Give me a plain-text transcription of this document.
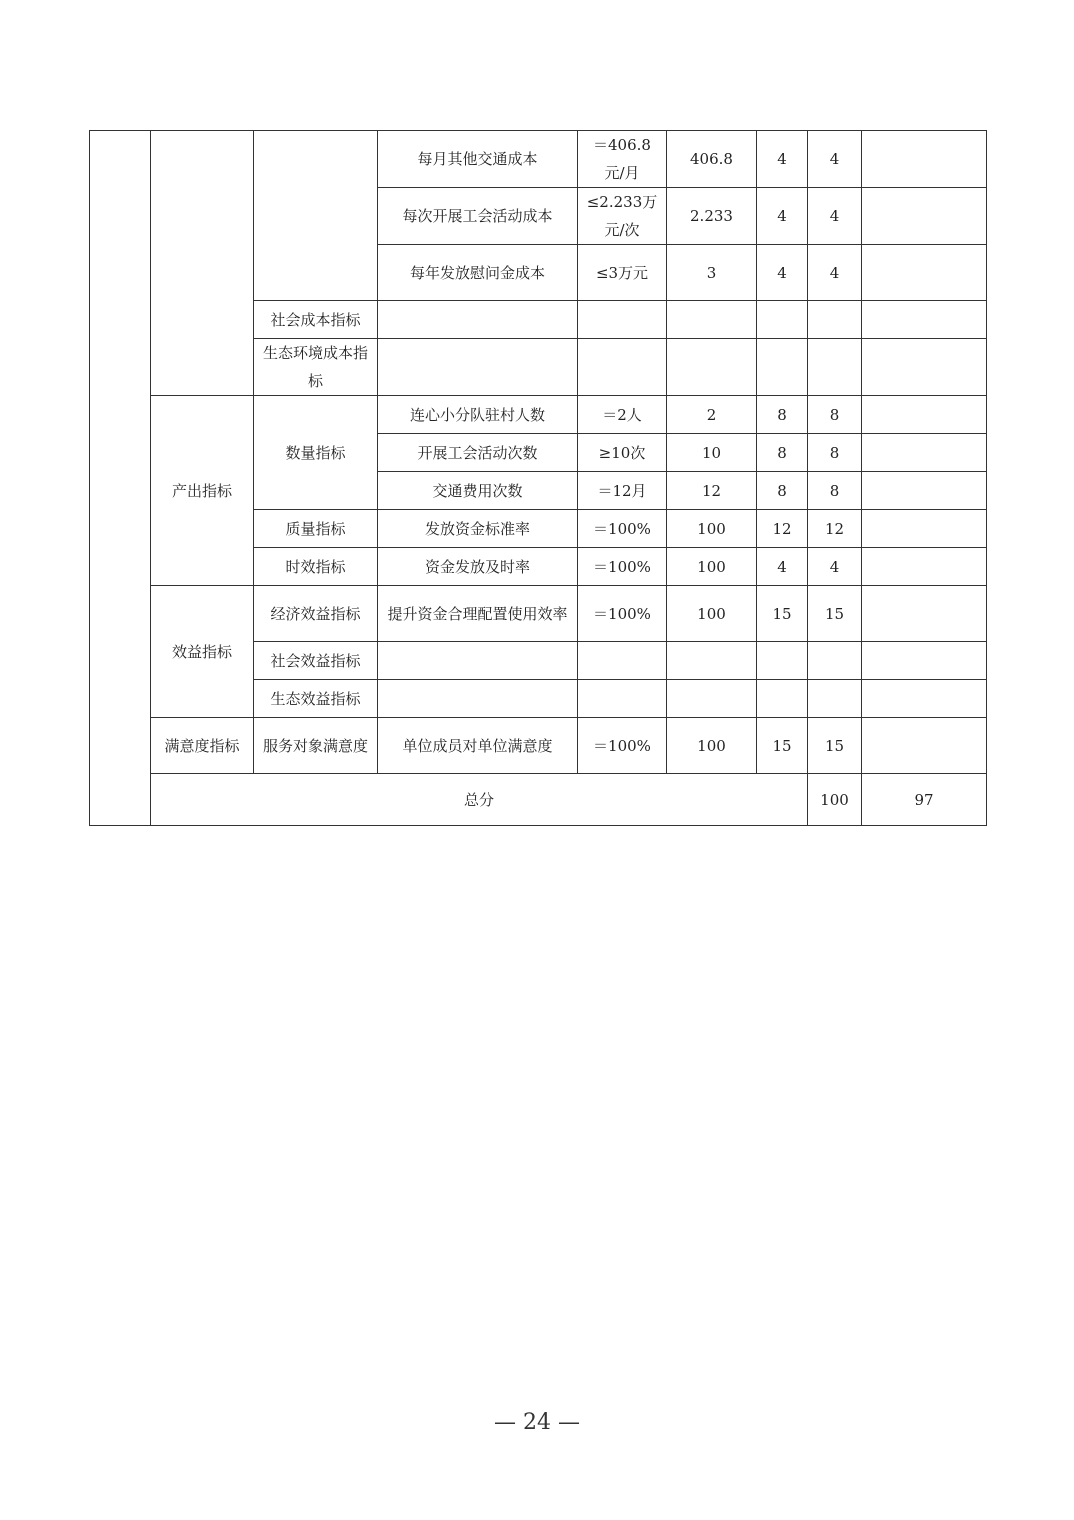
			每月其他交通成本	＝406.8元/月	406.8	4	4		
			每次开展工会活动成本	≤2.233万元/次	2.233	4	4		
			每年发放慰问金成本	≤3万元	3	4	4		
		社会成本指标							
		生态环境成本指标							
	产出指标	数量指标	连心小分队驻村人数	＝2人	2	8	8		
			开展工会活动次数	≥10次	10	8	8		
			交通费用次数	＝12月	12	8	8		
		质量指标	发放资金标准率	＝100%	100	12	12		
		时效指标	资金发放及时率	＝100%	100	4	4		
	效益指标	经济效益指标	提升资金合理配置使用效率	＝100%	100	15	15		
		社会效益指标							
		生态效益指标							
	满意度指标	服务对象满意度	单位成员对单位满意度	＝100%	100	15	15		
	总分						100	97	
— 24 —
